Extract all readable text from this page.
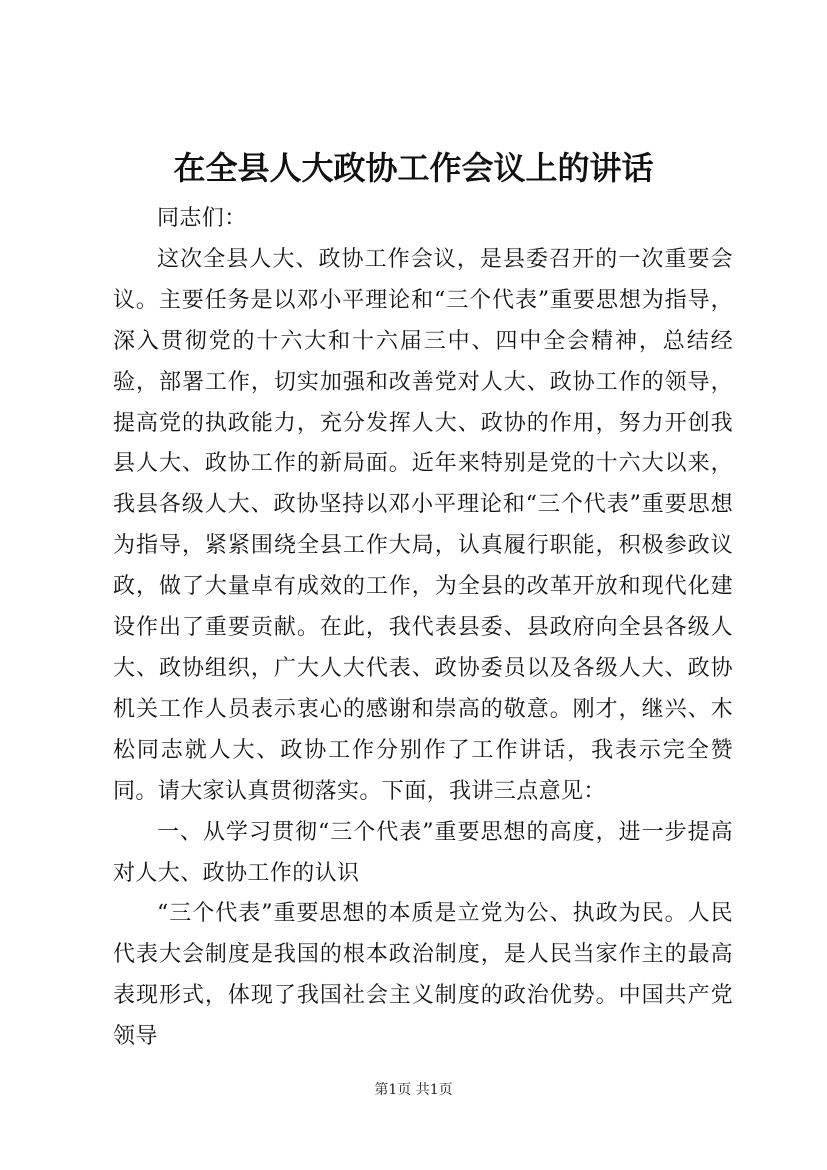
在全县人大政协工作会议上的讲话

同志们：

这次全县人大、政协工作会议，是县委召开的一次重要会议。主要任务是以邓小平理论和“三个代表”重要思想为指导，深入贯彻党的十六大和十六届三中、四中全会精神，总结经验，部署工作，切实加强和改善党对人大、政协工作的领导，提高党的执政能力，充分发挥人大、政协的作用，努力开创我县人大、政协工作的新局面。近年来特别是党的十六大以来，我县各级人大、政协坚持以邓小平理论和“三个代表”重要思想为指导，紧紧围绕全县工作大局，认真履行职能，积极参政议政，做了大量卓有成效的工作，为全县的改革开放和现代化建设作出了重要贡献。在此，我代表县委、县政府向全县各级人大、政协组织，广大人大代表、政协委员以及各级人大、政协机关工作人员表示衷心的感谢和崇高的敬意。刚才，继兴、木松同志就人大、政协工作分别作了工作讲话，我表示完全赞同。请大家认真贯彻落实。下面，我讲三点意见：

一、从学习贯彻“三个代表”重要思想的高度，进一步提高对人大、政协工作的认识

“三个代表”重要思想的本质是立党为公、执政为民。人民代表大会制度是我国的根本政治制度，是人民当家作主的最高表现形式，体现了我国社会主义制度的政治优势。中国共产党领导

第1页 共1页
